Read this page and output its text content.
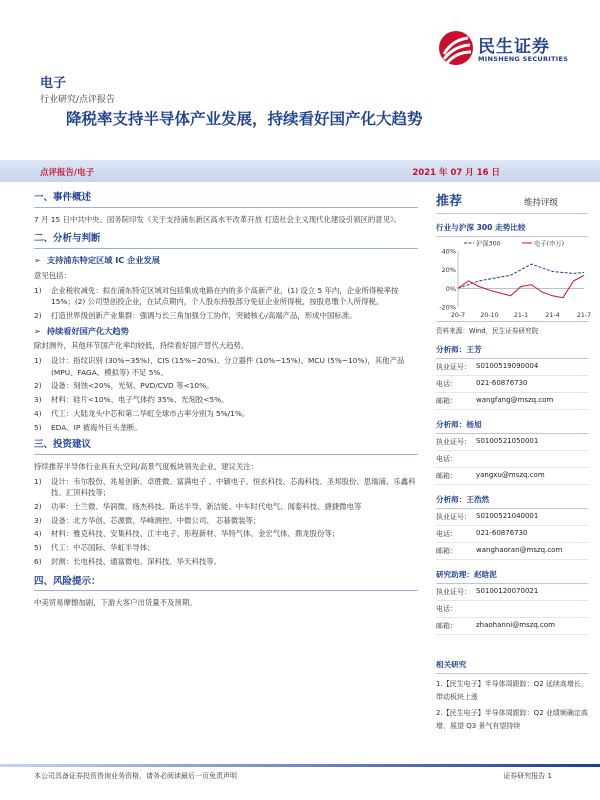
民生证券
MINSHENG SECURITIES
电子
行业研究/点评报告
降税率支持半导体产业发展，持续看好国产化大趋势
点评报告/电子	2021 年 07 月 16 日
一、事件概述
7 月 15 日中共中央、国务院印发《关于支持浦东新区高水平改革开放 打造社会主义现代化建设引领区的意见》。
二、分析与判断
➢ 支持浦东特定区域 IC 企业发展
意见包括：
1)	企业税收减免：拟在浦东特定区域对包括集成电路在内的多个高新产业，(1) 设立 5 年内，企业所得税率按 15%；(2) 公司型创投企业，在试点期内，个人股东持股部分免征企业所得税，按股息缴个人所得税。
2)	打造世界级创新产业集群：强调与长三角加强分工协作，突破核心/高端产品，形成中国标准。
➢ 持续看好国产化大趋势
除封测外，其他环节国产化率均较低，持续看好国产替代大趋势。
1)	设计：指纹识别 (30%~35%)、CIS (15%~20%)、分立器件 (10%~15%)、MCU (5%~10%)，其他产品 (MPU、FAGA、模拟等) 不足 5%。
2)	设备：刻蚀<20%，光刻、PVD/CVD 等<10%。
3)	材料：硅片<10%、电子气体约 35%、光刻胶<5%。
4)	代工：大陆龙头中芯和第二华虹全球市占率分别为 5%/1%。
5)	EDA、IP 被海外巨头垄断。
三、投资建议
持续推荐半导体行业具有大空间/高景气度板块领先企业，建议关注：
1)	设计：韦尔股份、兆易创新、卓胜微、富满电子 、中颖电子、恒玄科技、芯海科技、圣邦股份、思瑞浦、乐鑫科技、汇顶科技等；
2)	功率：士兰微、华润微、扬杰科技、斯达半导、新洁能、中车时代电气、闻泰科技、捷捷微电等
3)	设备：北方华创、芯源微、华峰测控、中微公司、 芯碁微装等；
4)	材料：雅克科技、安集科技、江丰电子、彤程新材、华特气体、金宏气体、鼎龙股份等；
5)	代工：中芯国际、华虹半导体；
6)	封测：长电科技、通富微电、深科技、华天科技等。
四、风险提示：
中美贸易摩擦加剧，下游大客户出货量不及预期。
推荐	维持评级
行业与沪深 300 走势比较
40%
20%
0%
-20%
20-7 20-10 21-1	21-4	21-7
沪深300	电子(申万)
资料来源：Wind，民生证券研究院
分析师：王芳
执业证号： S0100519090004
电话：	021-60876730
邮箱：	wangfang@mszq.com
分析师：杨旭
执业证号： S0100521050001
电话：
邮箱：	yangxu@mszq.com
分析师：王浩然
执业证号： S0100521040001
电话：	021-60876730
邮箱：	wanghaoran@mszq.com
研究助理：赵晗泥
执业证号： S0100120070021
电话：
邮箱：	zhaohanni@mszq.com
相关研究
1.【民生电子】半导体周跟踪：Q2 延续高增长，带动板块上涨
2.【民生电子】半导体周跟踪：Q2 业绩频确定高增，展望 Q3 景气有望持续
本公司具备证券投资咨询业务资格，请务必阅读最后一页免责声明	证券研究报告 1
